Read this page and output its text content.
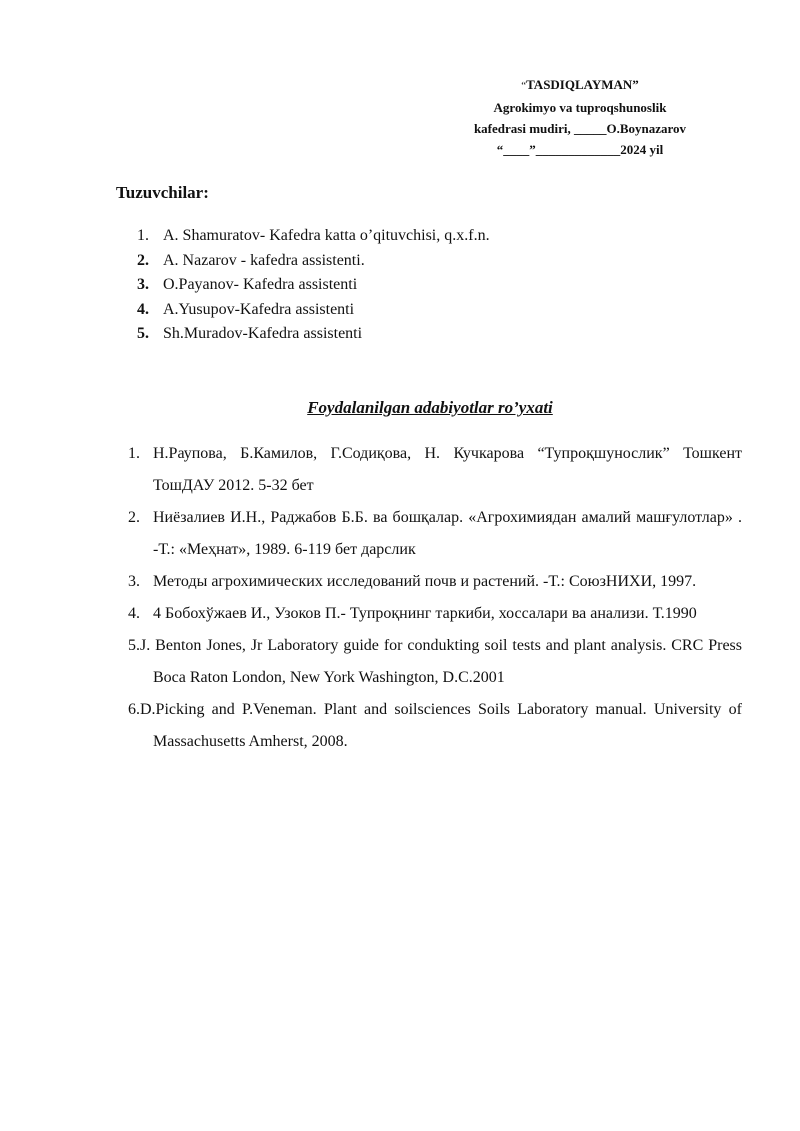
“TASDIQLAYMAN”
Agrokimyo va tuproqshunoslik
kafedrasi mudiri, _____O.Boynazarov
“____”_____________2024 yil
Tuzuvchilar:
1. A. Shamuratov- Kafedra katta o’qituvchisi, q.x.f.n.
2. A. Nazarov - kafedra assistenti.
3. O.Payanov- Kafedra assistenti
4. A.Yusupov-Kafedra assistenti
5. Sh.Muradov-Kafedra assistenti
Foydalanilgan adabiyotlar ro’yxati
1. Н.Раупова, Б.Камилов, Г.Содиқова, Н. Кучкарова “Тупроқшунослик” Тошкент ТошДАУ 2012. 5-32 бет
2. Ниёзалиев И.Н., Раджабов Б.Б. ва бошқалар. «Агрохимиядан амалий машғулотлар» . -Т.: «Меҳнат», 1989. 6-119 бет дарслик
3. Методы агрохимических исследований почв и растений. -Т.: СоюзНИХИ, 1997.
4. 4 Бобохўжаев И., Узоков П.- Тупроқнинг таркиби, хоссалари ва анализи. Т.1990
5.J. Benton Jones, Jr Laboratory guide for condukting soil tests and plant analysis. CRC Press Boca Raton London, New York Washington, D.C.2001
6.D.Picking and P.Veneman. Plant and soilsciences Soils Laboratory manual. University of Massachusetts Amherst, 2008.
